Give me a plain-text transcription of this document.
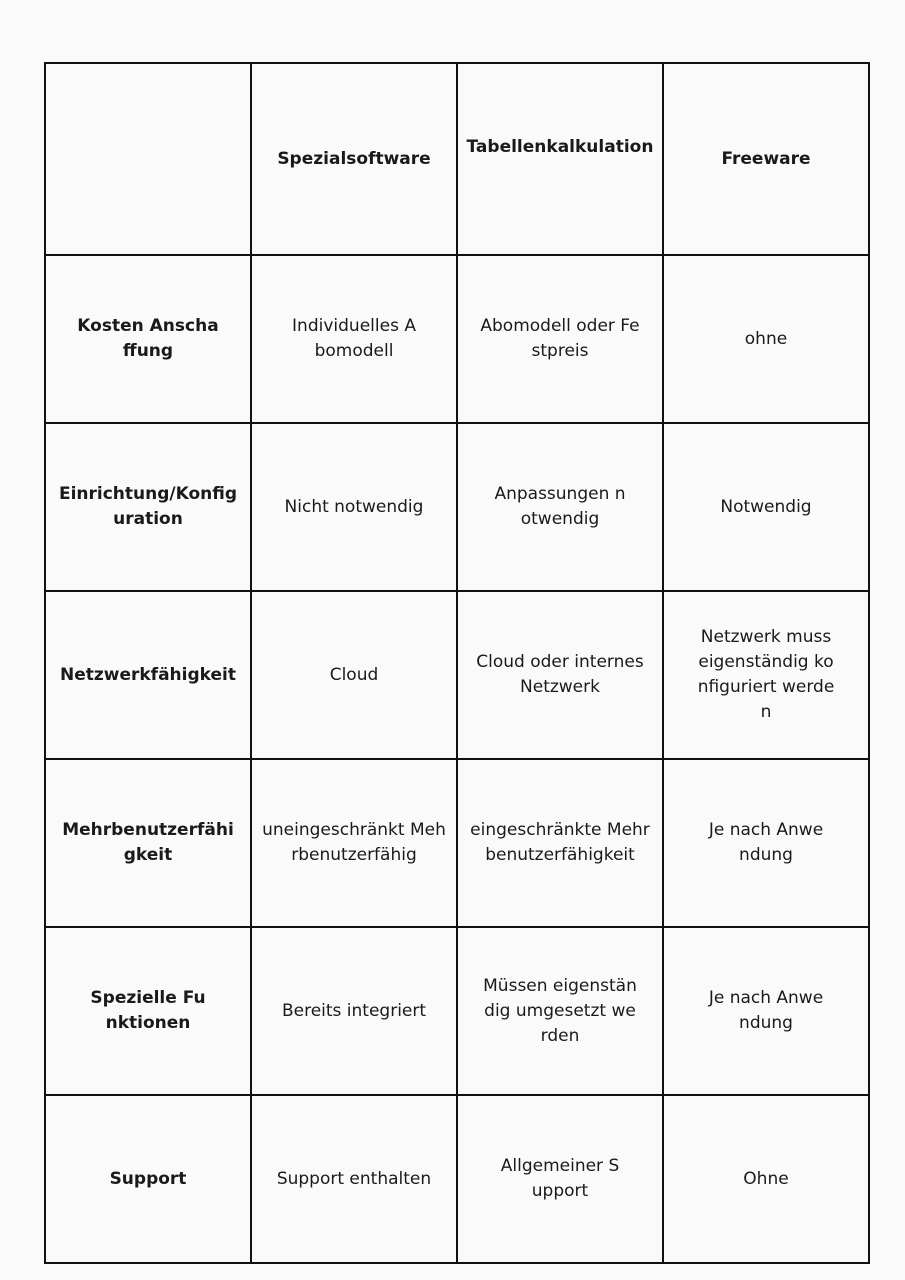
	Spezialsoftware	Tabellenkalkulation	Freeware
Kosten Anschaffung	Individuelles Abomodell	Abomodell oder Festpreis	ohne
Einrichtung/Konfiguration	Nicht notwendig	Anpassungen notwendig	Notwendig
Netzwerkfähigkeit	Cloud	Cloud oder internes Netzwerk	Netzwerk muss eigenständig konfiguriert werden
Mehrbenutzerfähigkeit	uneingeschränkt Mehrbenutzerfähig	eingeschränkte Mehrbenutzerfähigkeit	Je nach Anwendung
Spezielle Funktionen	Bereits integriert	Müssen eigenständig umgesetzt werden	Je nach Anwendung
Support	Support enthalten	Allgemeiner Support	Ohne
